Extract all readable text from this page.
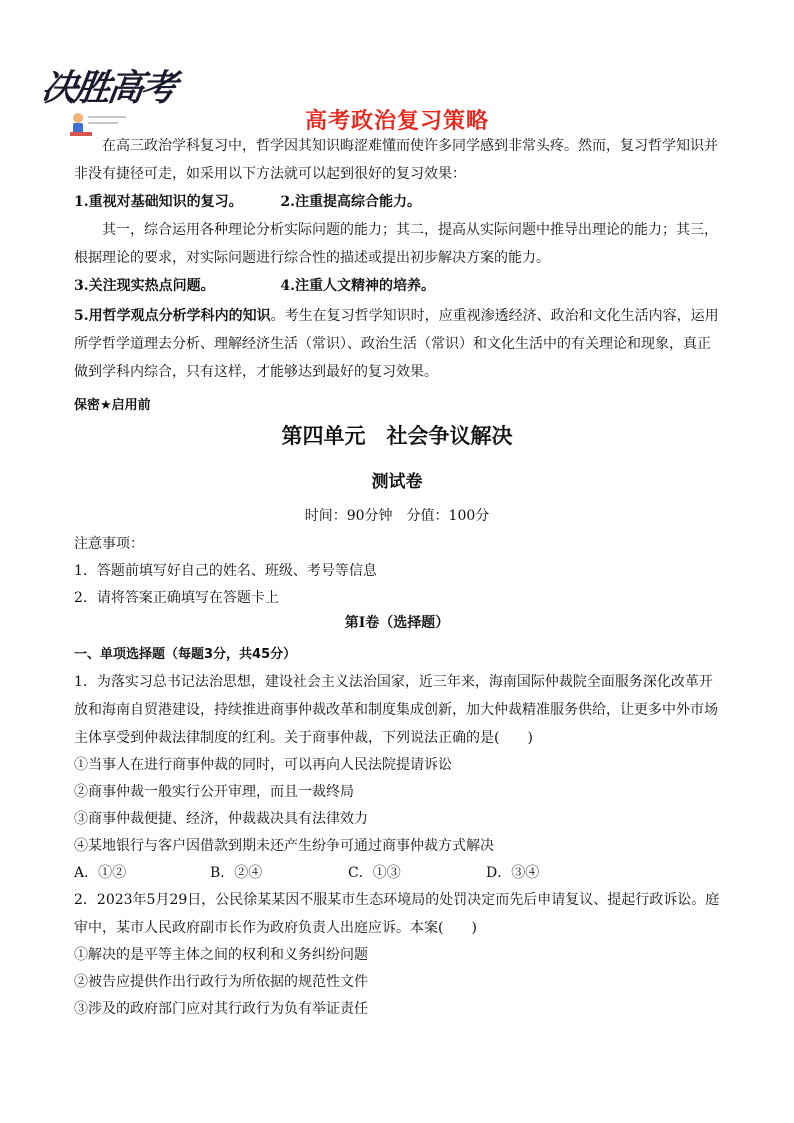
决胜高考
高考政治复习策略

在高三政治学科复习中，哲学因其知识晦涩难懂而使许多同学感到非常头疼。然而，复习哲学知识并非没有捷径可走，如采用以下方法就可以起到很好的复习效果：

1.重视对基础知识的复习。	2.注重提高综合能力。

其一，综合运用各种理论分析实际问题的能力；其二，提高从实际问题中推导出理论的能力；其三，根据理论的要求，对实际问题进行综合性的描述或提出初步解决方案的能力。

3.关注现实热点问题。	4.注重人文精神的培养。

5.用哲学观点分析学科内的知识。考生在复习哲学知识时，应重视渗透经济、政治和文化生活内容，运用所学哲学道理去分析、理解经济生活（常识）、政治生活（常识）和文化生活中的有关理论和现象，真正做到学科内综合，只有这样，才能够达到最好的复习效果。

保密★启用前
第四单元　社会争议解决
测试卷
时间：90分钟　分值：100分
注意事项：
1．答题前填写好自己的姓名、班级、考号等信息
2．请将答案正确填写在答题卡上
第I卷（选择题）
一、单项选择题（每题3分，共45分）

1．为落实习总书记法治思想，建设社会主义法治国家，近三年来，海南国际仲裁院全面服务深化改革开放和海南自贸港建设，持续推进商事仲裁改革和制度集成创新，加大仲裁精准服务供给，让更多中外市场主体享受到仲裁法律制度的红利。关于商事仲裁，下列说法正确的是(　　)

①当事人在进行商事仲裁的同时，可以再向人民法院提请诉讼
②商事仲裁一般实行公开审理，而且一裁终局
③商事仲裁便捷、经济，仲裁裁决具有法律效力
④某地银行与客户因借款到期未还产生纷争可通过商事仲裁方式解决
A．①②	B．②④	C．①③	D．③④

2．2023年5月29日，公民徐某某因不服某市生态环境局的处罚决定而先后申请复议、提起行政诉讼。庭审中，某市人民政府副市长作为政府负责人出庭应诉。本案(　　)

①解决的是平等主体之间的权利和义务纠纷问题
②被告应提供作出行政行为所依据的规范性文件
③涉及的政府部门应对其行政行为负有举证责任
